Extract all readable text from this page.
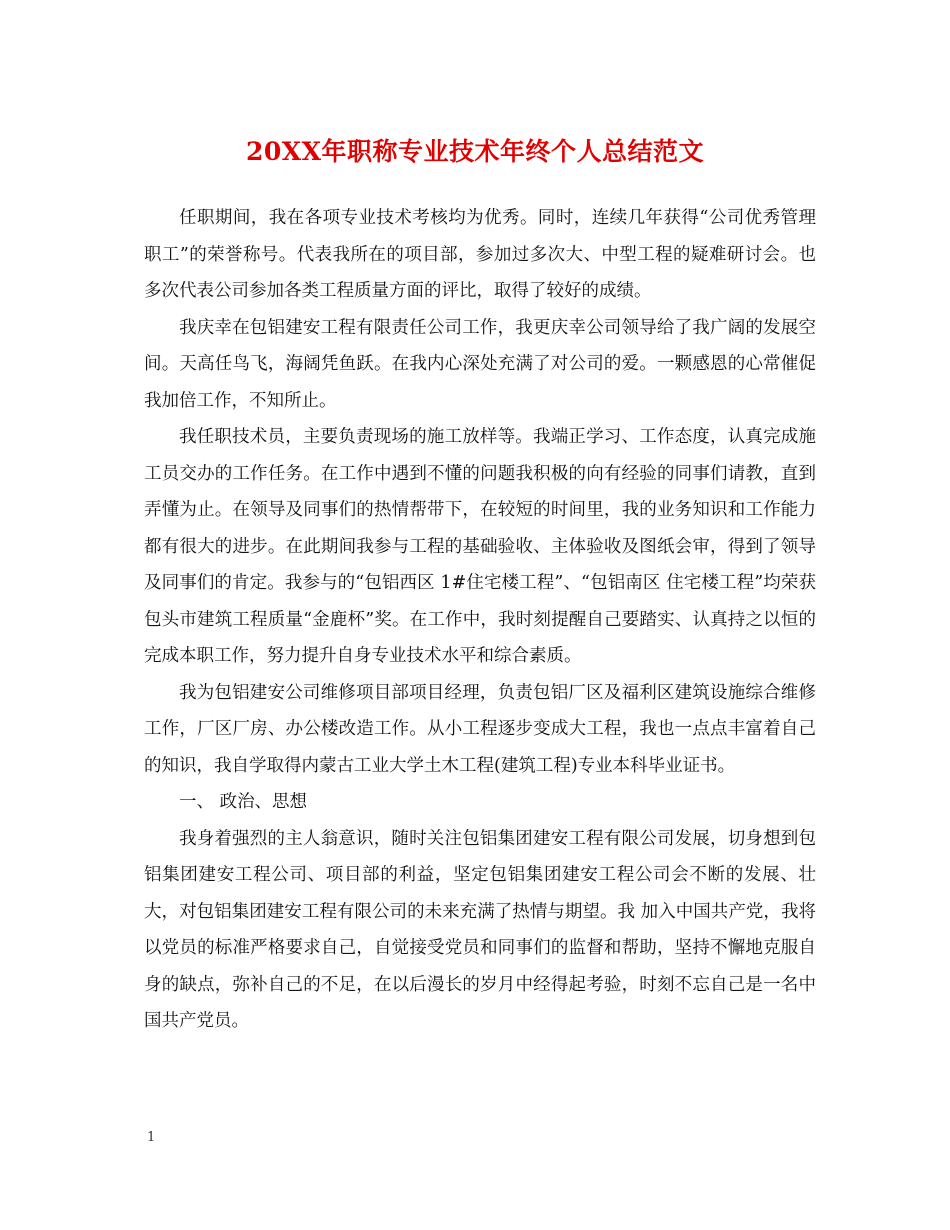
20XX年职称专业技术年终个人总结范文

任职期间，我在各项专业技术考核均为优秀。同时，连续几年获得“公司优秀管理职工”的荣誉称号。代表我所在的项目部，参加过多次大、中型工程的疑难研讨会。也多次代表公司参加各类工程质量方面的评比，取得了较好的成绩。

我庆幸在包铝建安工程有限责任公司工作，我更庆幸公司领导给了我广阔的发展空间。天高任鸟飞，海阔凭鱼跃。在我内心深处充满了对公司的爱。一颗感恩的心常催促我加倍工作，不知所止。

我任职技术员，主要负责现场的施工放样等。我端正学习、工作态度，认真完成施工员交办的工作任务。在工作中遇到不懂的问题我积极的向有经验的同事们请教，直到弄懂为止。在领导及同事们的热情帮带下，在较短的时间里，我的业务知识和工作能力都有很大的进步。在此期间我参与工程的基础验收、主体验收及图纸会审，得到了领导及同事们的肯定。我参与的“包铝西区 1#住宅楼工程”、“包铝南区 住宅楼工程”均荣获包头市建筑工程质量“金鹿杯”奖。在工作中，我时刻提醒自己要踏实、认真持之以恒的完成本职工作，努力提升自身专业技术水平和综合素质。

我为包铝建安公司维修项目部项目经理，负责包铝厂区及福利区建筑设施综合维修工作，厂区厂房、办公楼改造工作。从小工程逐步变成大工程，我也一点点丰富着自己的知识，我自学取得内蒙古工业大学土木工程(建筑工程)专业本科毕业证书。

一、 政治、思想

我身着强烈的主人翁意识，随时关注包铝集团建安工程有限公司发展，切身想到包铝集团建安工程公司、项目部的利益，坚定包铝集团建安工程公司会不断的发展、壮大，对包铝集团建安工程有限公司的未来充满了热情与期望。我 加入中国共产党，我将以党员的标准严格要求自己，自觉接受党员和同事们的监督和帮助，坚持不懈地克服自身的缺点，弥补自己的不足，在以后漫长的岁月中经得起考验，时刻不忘自己是一名中国共产党员。

1
